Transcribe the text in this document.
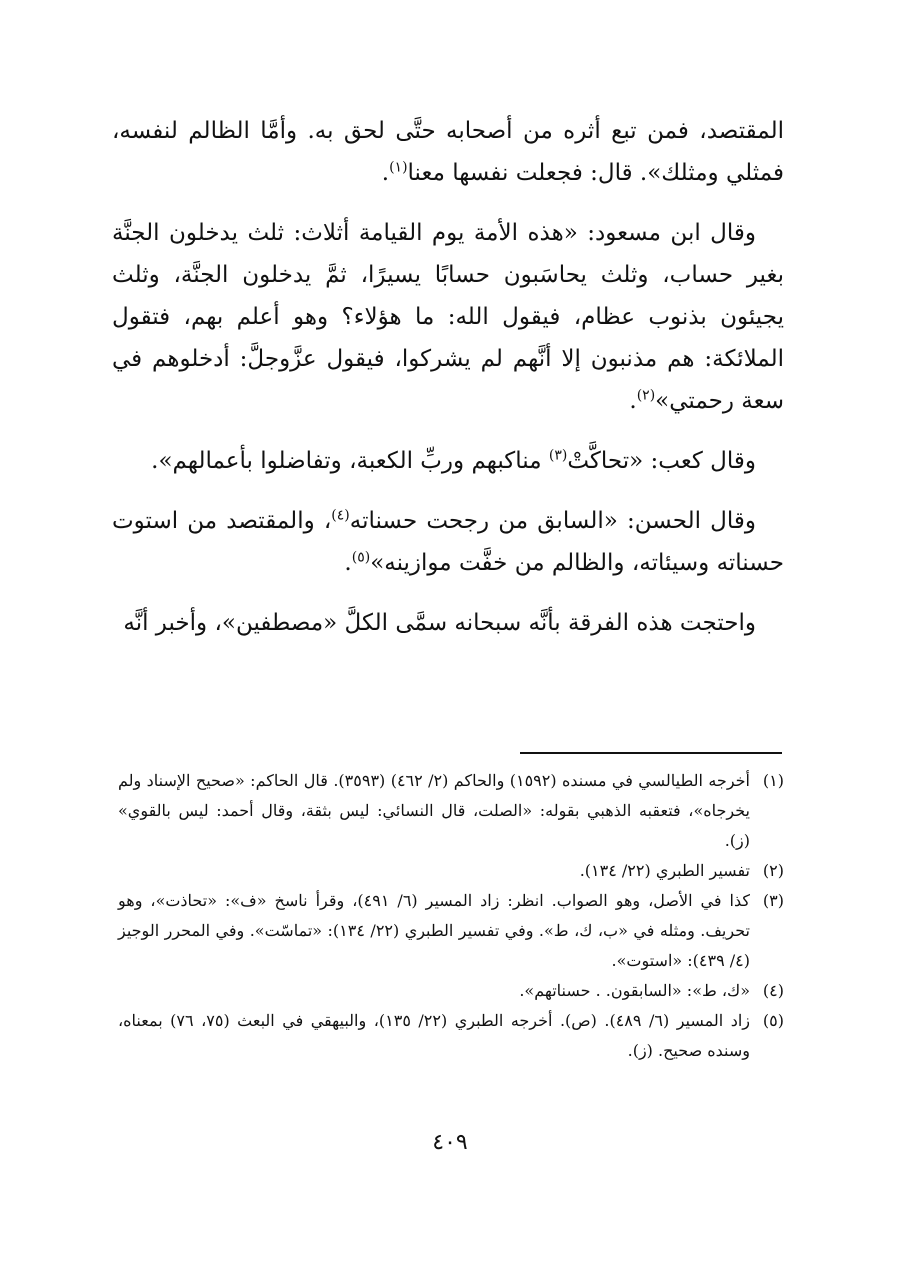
المقتصد، فمن تبع أثره من أصحابه حتَّى لحق به. وأمَّا الظالم لنفسه، فمثلي ومثلك». قال: فجعلت نفسها معنا$^{(١)}$.

وقال ابن مسعود: «هذه الأمة يوم القيامة أثلاث: ثلث يدخلون الجنَّة بغير حساب، وثلث يحاسَبون حسابًا يسيرًا، ثمَّ يدخلون الجنَّة، وثلث يجيئون بذنوب عظام، فيقول الله: ما هؤلاء؟ وهو أعلم بهم، فتقول الملائكة: هم مذنبون إلا أنَّهم لم يشركوا، فيقول عزَّوجلَّ: أدخلوهم في سعة رحمتي»$^{(٢)}$.

وقال كعب: «تحاكَّتْ$^{(٣)}$ مناكبهم وربِّ الكعبة، وتفاضلوا بأعمالهم».

وقال الحسن: «السابق من رجحت حسناته$^{(٤)}$، والمقتصد من استوت حسناته وسيئاته، والظالم من خفَّت موازينه»$^{(٥)}$.

واحتجت هذه الفرقة بأنَّه سبحانه سمَّى الكلَّ «مصطفين»، وأخبر أنَّه

(١)
أخرجه الطيالسي في مسنده (١٥٩٢) والحاكم (٢/ ٤٦٢) (٣٥٩٣). قال الحاكم: «صحيح الإسناد ولم يخرجاه»، فتعقبه الذهبي بقوله: «الصلت، قال النسائي: ليس بثقة، وقال أحمد: ليس بالقوي» (ز).
(٢)
تفسير الطبري (٢٢/ ١٣٤).
(٣)
كذا في الأصل، وهو الصواب. انظر: زاد المسير (٦/ ٤٩١)، وقرأ ناسخ «ف»: «تحاذت»، وهو تحريف. ومثله في «ب، ك، ط». وفي تفسير الطبري (٢٢/ ١٣٤): «تماسّت». وفي المحرر الوجيز (٤/ ٤٣٩): «استوت».
(٤)
«ك، ط»: «السابقون. . حسناتهم».
(٥)
زاد المسير (٦/ ٤٨٩). (ص). أخرجه الطبري (٢٢/ ١٣٥)، والبيهقي في البعث (٧٥، ٧٦) بمعناه، وسنده صحيح. (ز).
٤٠٩
